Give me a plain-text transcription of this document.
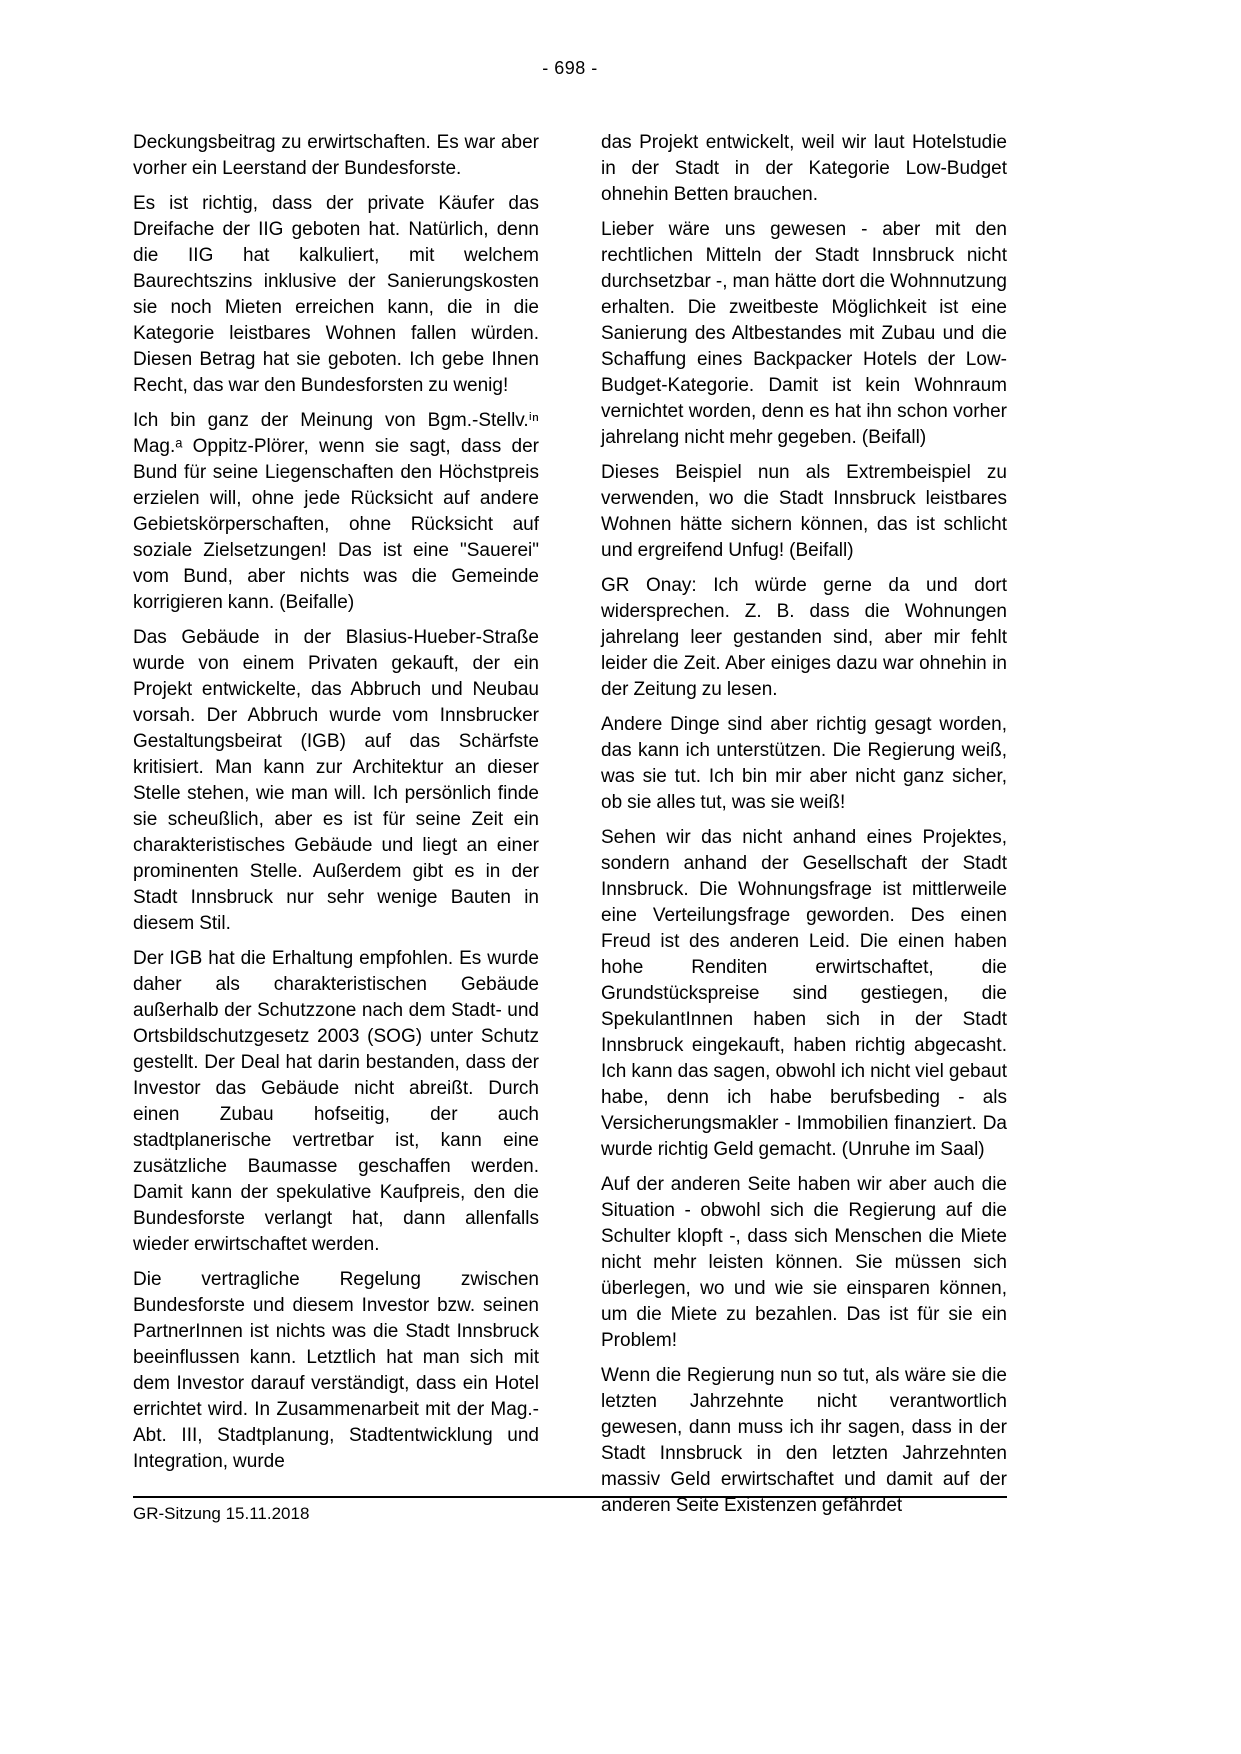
- 698 -

Deckungsbeitrag zu erwirtschaften. Es war aber vorher ein Leerstand der Bundesforste.

Es ist richtig, dass der private Käufer das Dreifache der IIG geboten hat. Natürlich, denn die IIG hat kalkuliert, mit welchem Baurechtszins inklusive der Sanierungskosten sie noch Mieten erreichen kann, die in die Kategorie leistbares Wohnen fallen würden. Diesen Betrag hat sie geboten. Ich gebe Ihnen Recht, das war den Bundesforsten zu wenig!

Ich bin ganz der Meinung von Bgm.-Stellv.ⁱⁿ Mag.ᵃ Oppitz-Plörer, wenn sie sagt, dass der Bund für seine Liegenschaften den Höchstpreis erzielen will, ohne jede Rücksicht auf andere Gebietskörperschaften, ohne Rücksicht auf soziale Zielsetzungen! Das ist eine "Sauerei" vom Bund, aber nichts was die Gemeinde korrigieren kann. (Beifalle)

Das Gebäude in der Blasius-Hueber-Straße wurde von einem Privaten gekauft, der ein Projekt entwickelte, das Abbruch und Neubau vorsah. Der Abbruch wurde vom Innsbrucker Gestaltungsbeirat (IGB) auf das Schärfste kritisiert. Man kann zur Architektur an dieser Stelle stehen, wie man will. Ich persönlich finde sie scheußlich, aber es ist für seine Zeit ein charakteristisches Gebäude und liegt an einer prominenten Stelle. Außerdem gibt es in der Stadt Innsbruck nur sehr wenige Bauten in diesem Stil.

Der IGB hat die Erhaltung empfohlen. Es wurde daher als charakteristischen Gebäude außerhalb der Schutzzone nach dem Stadt- und Ortsbildschutzgesetz 2003 (SOG) unter Schutz gestellt. Der Deal hat darin bestanden, dass der Investor das Gebäude nicht abreißt. Durch einen Zubau hofseitig, der auch stadtplanerische vertretbar ist, kann eine zusätzliche Baumasse geschaffen werden. Damit kann der spekulative Kaufpreis, den die Bundesforste verlangt hat, dann allenfalls wieder erwirtschaftet werden.

Die vertragliche Regelung zwischen Bundesforste und diesem Investor bzw. seinen PartnerInnen ist nichts was die Stadt Innsbruck beeinflussen kann. Letztlich hat man sich mit dem Investor darauf verständigt, dass ein Hotel errichtet wird. In Zusammenarbeit mit der Mag.-Abt. III, Stadtplanung, Stadtentwicklung und Integration, wurde

das Projekt entwickelt, weil wir laut Hotelstudie in der Stadt in der Kategorie Low-Budget ohnehin Betten brauchen.

Lieber wäre uns gewesen - aber mit den rechtlichen Mitteln der Stadt Innsbruck nicht durchsetzbar -, man hätte dort die Wohnnutzung erhalten. Die zweitbeste Möglichkeit ist eine Sanierung des Altbestandes mit Zubau und die Schaffung eines Backpacker Hotels der Low-Budget-Kategorie. Damit ist kein Wohnraum vernichtet worden, denn es hat ihn schon vorher jahrelang nicht mehr gegeben. (Beifall)

Dieses Beispiel nun als Extrembeispiel zu verwenden, wo die Stadt Innsbruck leistbares Wohnen hätte sichern können, das ist schlicht und ergreifend Unfug! (Beifall)

GR Onay: Ich würde gerne da und dort widersprechen. Z. B. dass die Wohnungen jahrelang leer gestanden sind, aber mir fehlt leider die Zeit. Aber einiges dazu war ohnehin in der Zeitung zu lesen.

Andere Dinge sind aber richtig gesagt worden, das kann ich unterstützen. Die Regierung weiß, was sie tut. Ich bin mir aber nicht ganz sicher, ob sie alles tut, was sie weiß!

Sehen wir das nicht anhand eines Projektes, sondern anhand der Gesellschaft der Stadt Innsbruck. Die Wohnungsfrage ist mittlerweile eine Verteilungsfrage geworden. Des einen Freud ist des anderen Leid. Die einen haben hohe Renditen erwirtschaftet, die Grundstückspreise sind gestiegen, die SpekulantInnen haben sich in der Stadt Innsbruck eingekauft, haben richtig abgecasht. Ich kann das sagen, obwohl ich nicht viel gebaut habe, denn ich habe berufsbeding - als Versicherungsmakler - Immobilien finanziert. Da wurde richtig Geld gemacht. (Unruhe im Saal)

Auf der anderen Seite haben wir aber auch die Situation - obwohl sich die Regierung auf die Schulter klopft -, dass sich Menschen die Miete nicht mehr leisten können. Sie müssen sich überlegen, wo und wie sie einsparen können, um die Miete zu bezahlen. Das ist für sie ein Problem!

Wenn die Regierung nun so tut, als wäre sie die letzten Jahrzehnte nicht verantwortlich gewesen, dann muss ich ihr sagen, dass in der Stadt Innsbruck in den letzten Jahrzehnten massiv Geld erwirtschaftet und damit auf der anderen Seite Existenzen gefährdet

GR-Sitzung 15.11.2018
